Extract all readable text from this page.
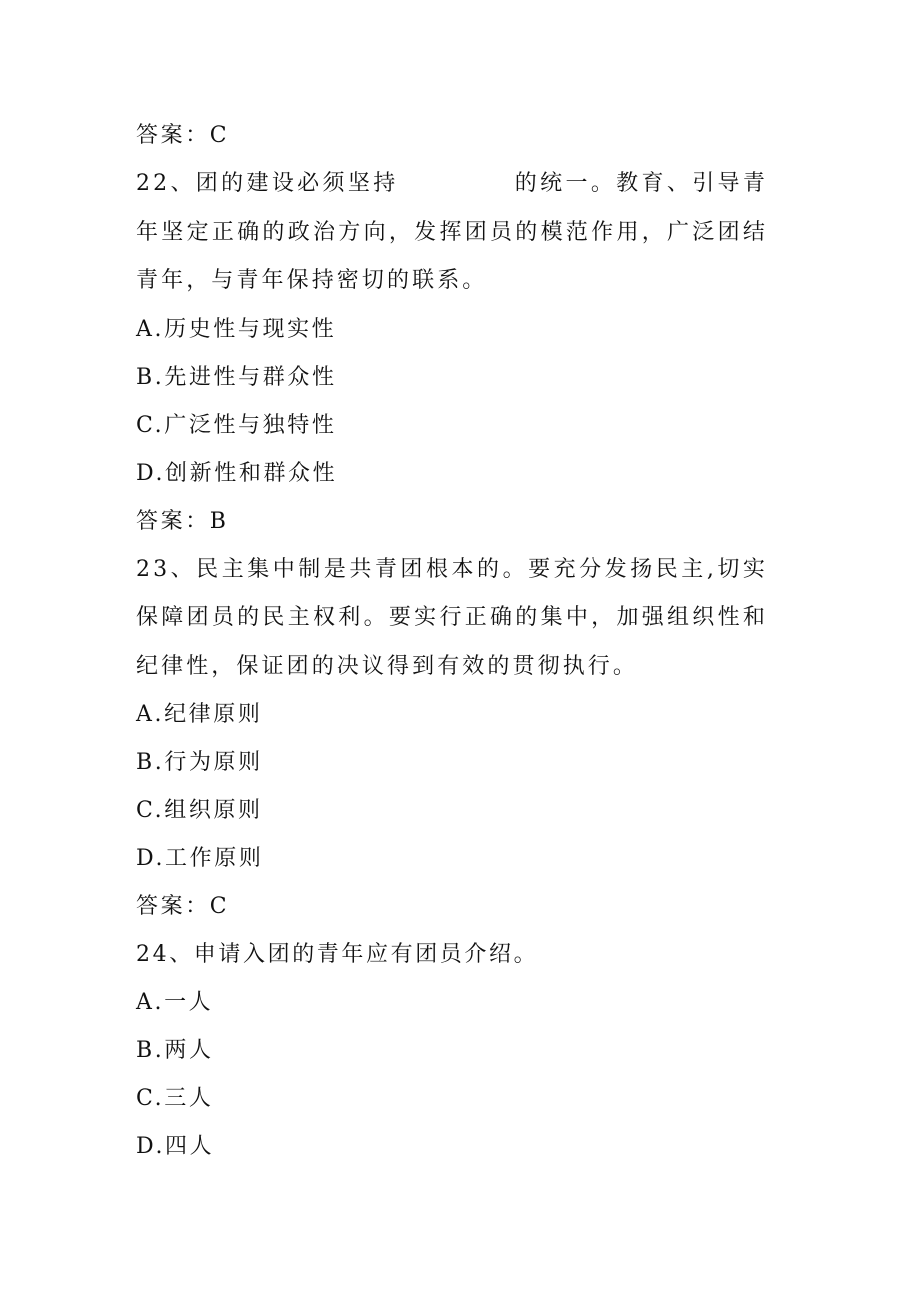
答案：C
22、团的建设必须坚持	的统一。教育、引导青年坚定正确的政治方向，发挥团员的模范作用，广泛团结青年，与青年保持密切的联系。
A.历史性与现实性
B.先进性与群众性
C.广泛性与独特性
D.创新性和群众性
答案：B
23、民主集中制是共青团根本的。要充分发扬民主,切实保障团员的民主权利。要实行正确的集中，加强组织性和纪律性，保证团的决议得到有效的贯彻执行。
A.纪律原则
B.行为原则
C.组织原则
D.工作原则
答案：C
24、申请入团的青年应有团员介绍。
A.一人
B.两人
C.三人
D.四人
